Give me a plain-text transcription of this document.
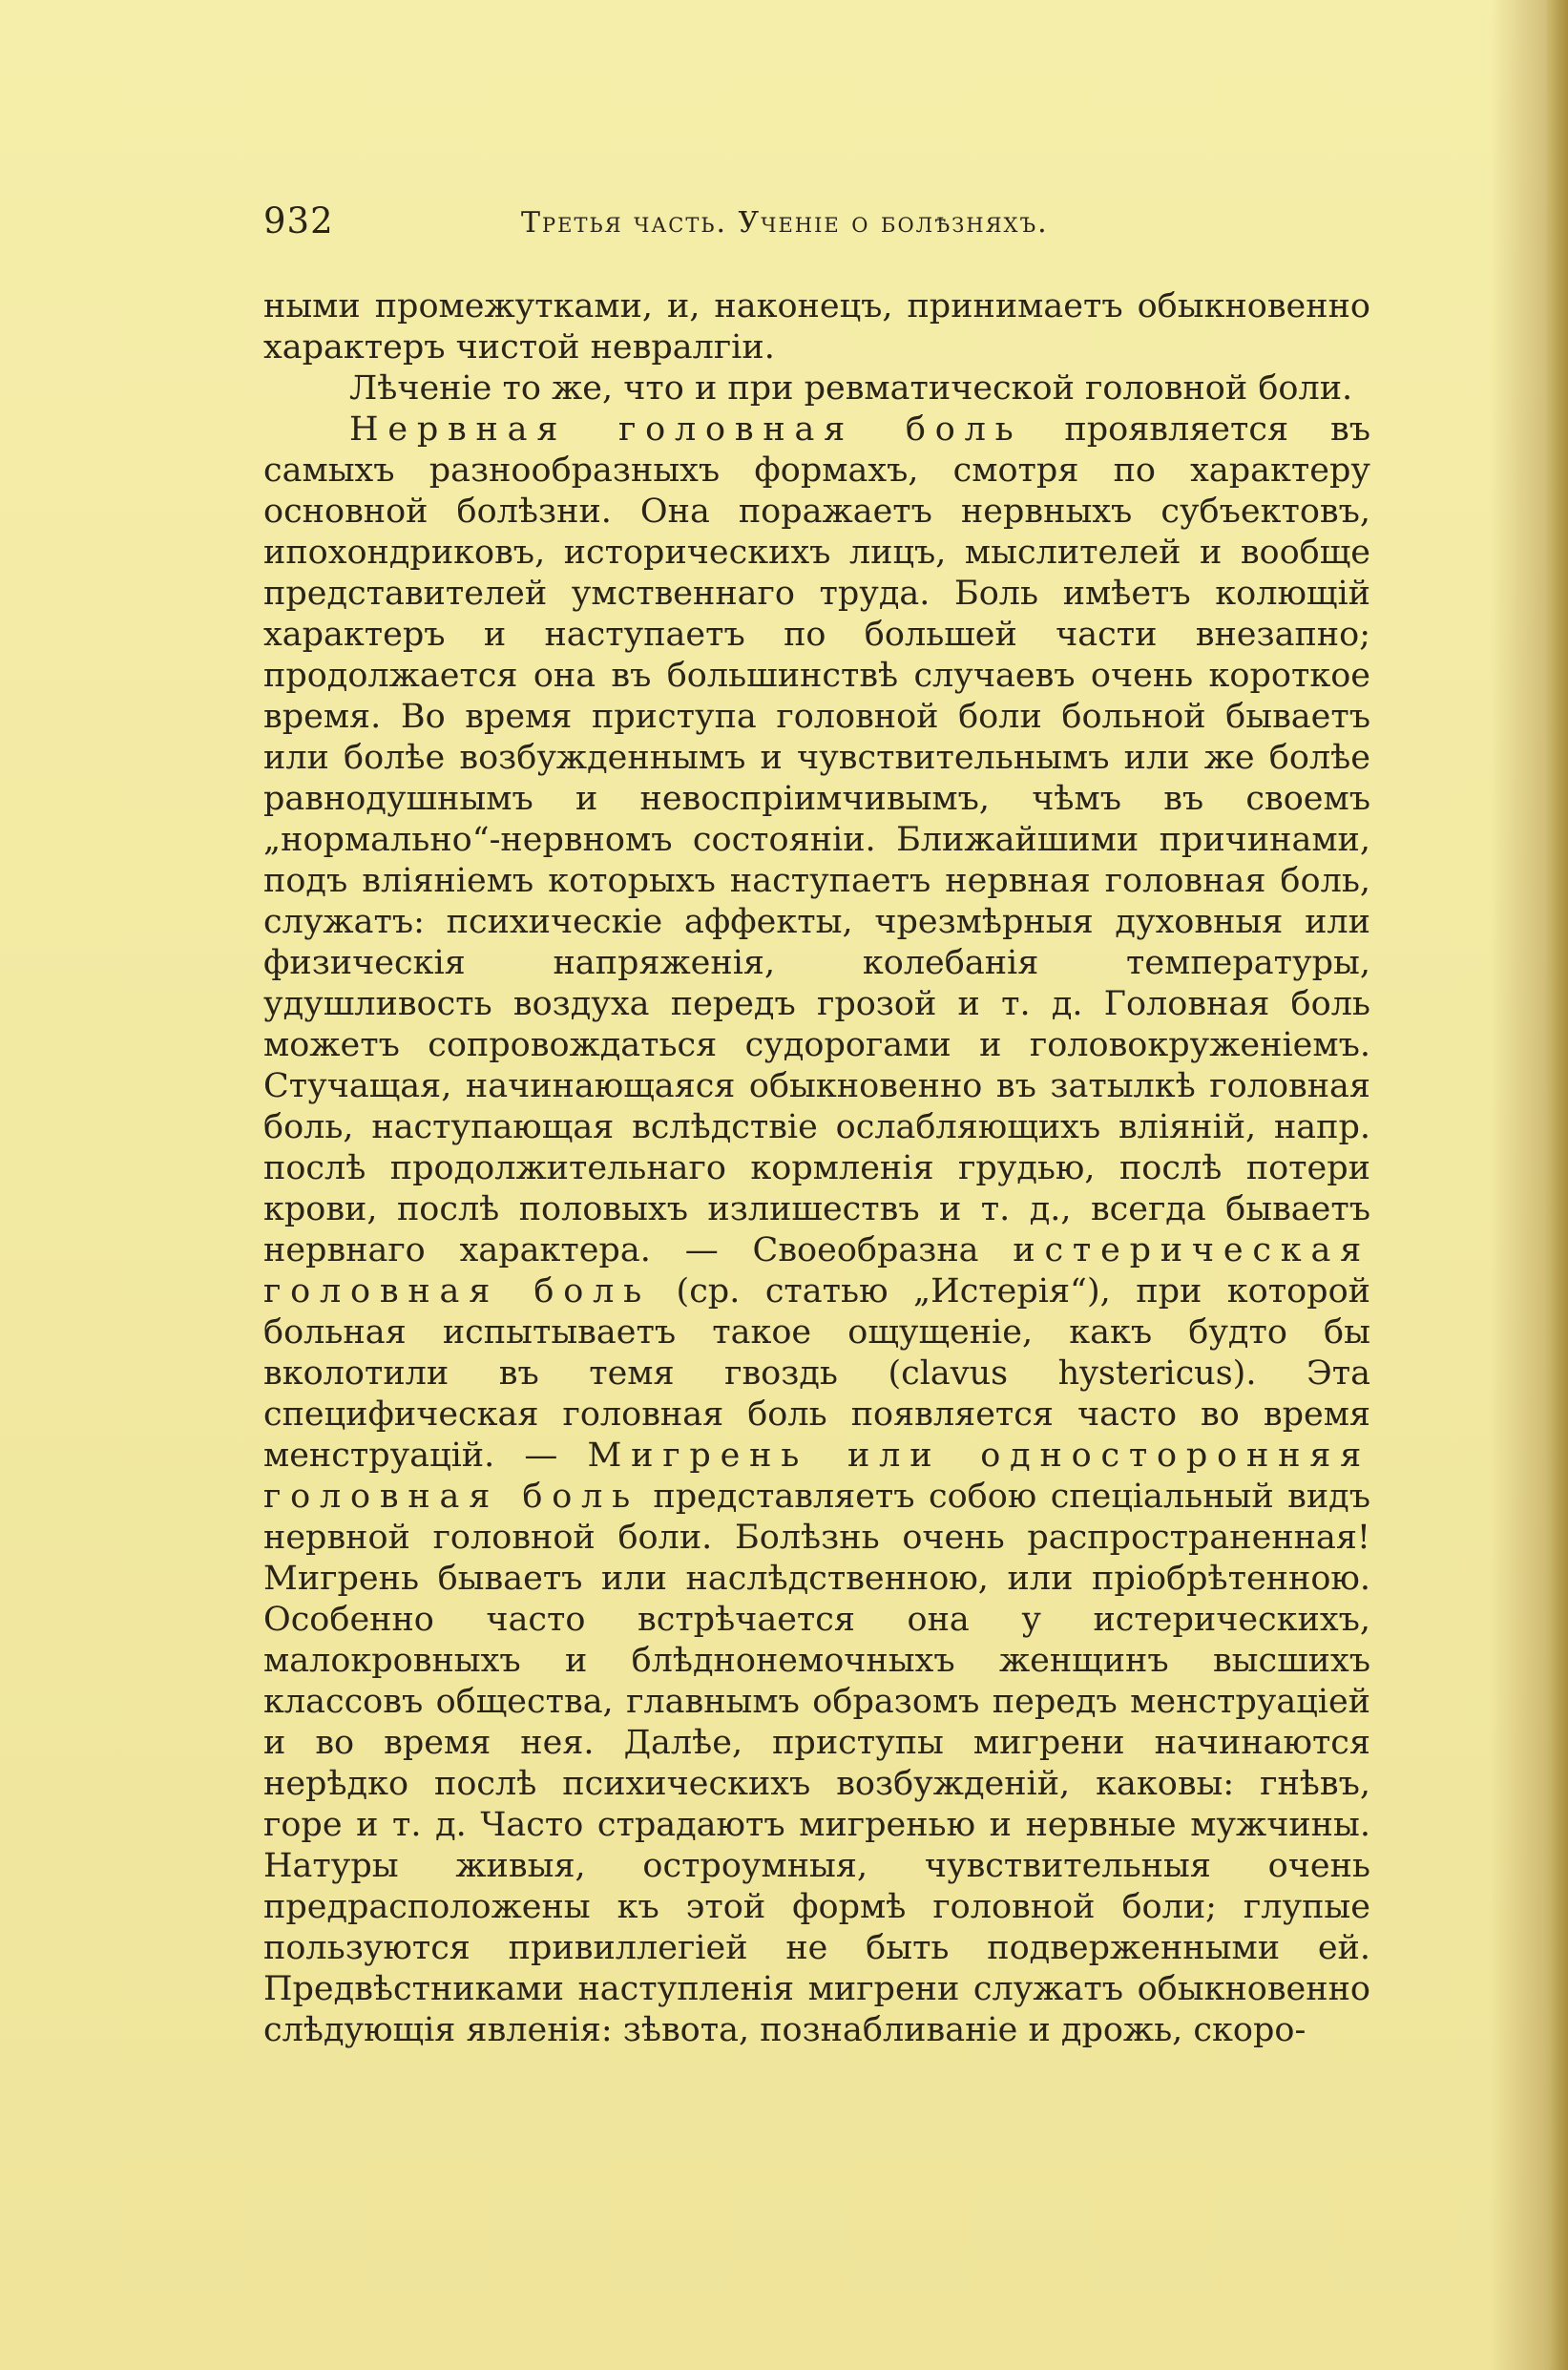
932	Третья часть. Ученіе о болѣзняхъ.

ными промежутками, и, наконецъ, принимаетъ обыкновенно характеръ чистой невралгіи.

Лѣченіе то же, что и при ревматической головной боли.

Нервная головная боль проявляется въ самыхъ разнообразныхъ формахъ, смотря по характеру основной болѣзни. Она поражаетъ нервныхъ субъектовъ, ипохондриковъ, историческихъ лицъ, мыслителей и вообще представителей умственнаго труда. Боль имѣетъ колющій характеръ и наступаетъ по большей части внезапно; продолжается она въ большинствѣ случаевъ очень короткое время. Во время приступа головной боли больной бываетъ или болѣе возбужденнымъ и чувствительнымъ или же болѣе равнодушнымъ и невоспріимчивымъ, чѣмъ въ своемъ „нормально“-нервномъ состояніи. Ближайшими причинами, подъ вліяніемъ которыхъ наступаетъ нервная головная боль, служатъ: психическіе аффекты, чрезмѣрныя духовныя или физическія напряженія, колебанія температуры, удушливость воздуха передъ грозой и т. д. Головная боль можетъ сопровождаться судорогами и головокруженіемъ. Стучащая, начинающаяся обыкновенно въ затылкѣ головная боль, наступающая вслѣдствіе ослабляющихъ вліяній, напр. послѣ продолжительнаго кормленія грудью, послѣ потери крови, послѣ половыхъ излишествъ и т. д., всегда бываетъ нервнаго характера. — Своеобразна истерическая головная боль (ср. статью „Истерія“), при которой больная испытываетъ такое ощущеніе, какъ будто бы вколотили въ темя гвоздь (clavus hystericus). Эта специфическая головная боль появляется часто во время менструацій. — Мигрень или односторонняя головная боль представляетъ собою спеціальный видъ нервной головной боли. Болѣзнь очень распространенная! Мигрень бываетъ или наслѣдственною, или пріобрѣтенною. Особенно часто встрѣчается она у истерическихъ, малокровныхъ и блѣднонемочныхъ женщинъ высшихъ классовъ общества, главнымъ образомъ передъ менструаціей и во время нея. Далѣе, приступы мигрени начинаются нерѣдко послѣ психическихъ возбужденій, каковы: гнѣвъ, горе и т. д. Часто страдаютъ мигренью и нервные мужчины. Натуры живыя, остроумныя, чувствительныя очень предрасположены къ этой формѣ головной боли; глупые пользуются привиллегіей не быть подверженными ей. Предвѣстниками наступленія мигрени служатъ обыкновенно слѣдующія явленія: зѣвота, познабливаніе и дрожь, скоро-
